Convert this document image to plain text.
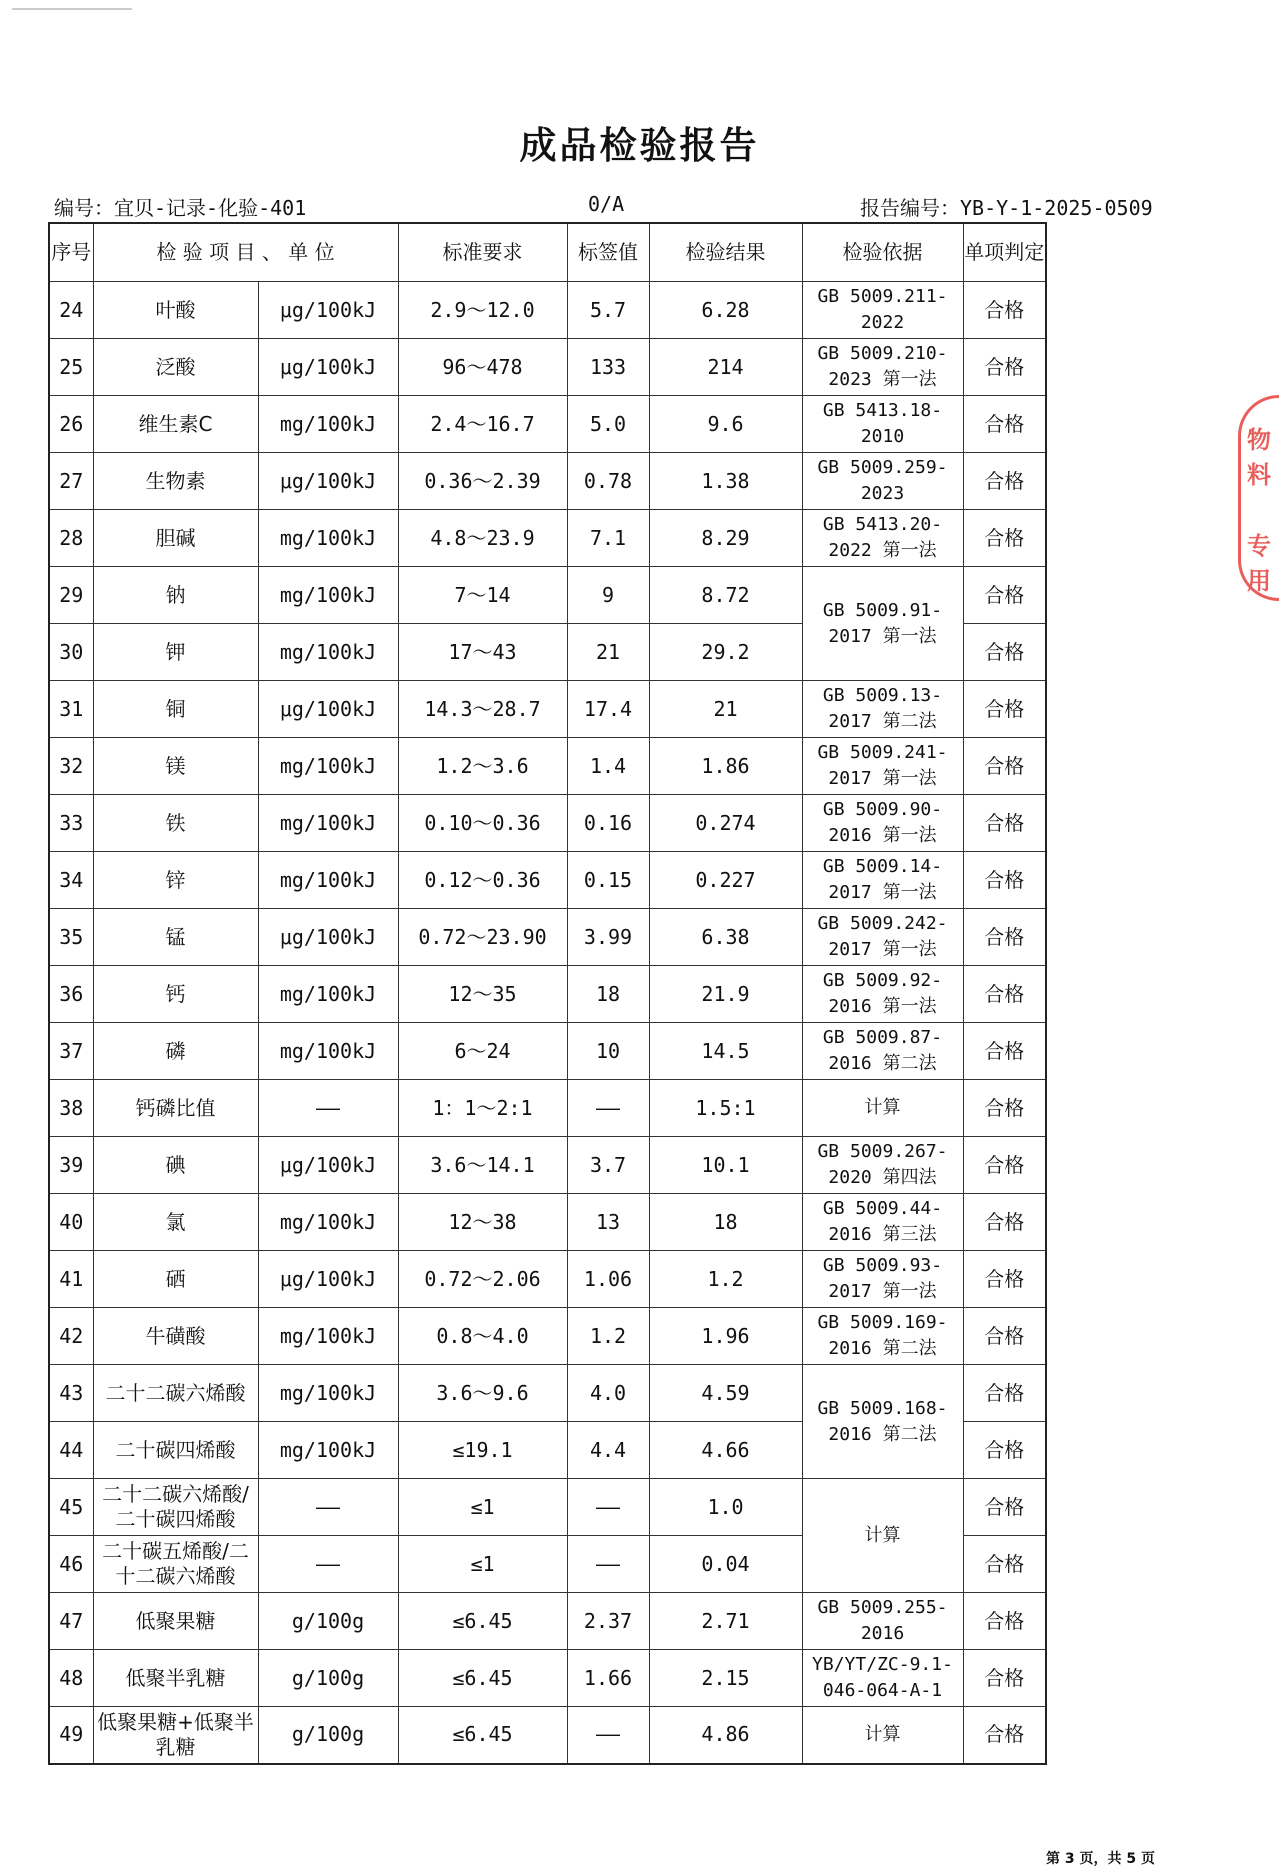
成品检验报告
编号：宜贝-记录-化验-401	0/A	报告编号：YB-Y-1-2025-0509
序号	检 验 项 目 、 单 位		标准要求	标签值	检验结果	检验依据	单项判定
24	叶酸	μg/100kJ	2.9～12.0	5.7	6.28	GB 5009.211-2022	合格
25	泛酸	μg/100kJ	96～478	133	214	GB 5009.210-2023 第一法	合格
26	维生素C	mg/100kJ	2.4～16.7	5.0	9.6	GB 5413.18-2010	合格
27	生物素	μg/100kJ	0.36～2.39	0.78	1.38	GB 5009.259-2023	合格
28	胆碱	mg/100kJ	4.8～23.9	7.1	8.29	GB 5413.20-2022 第一法	合格
29	钠	mg/100kJ	7～14	9	8.72	GB 5009.91-2017 第一法	合格
30	钾	mg/100kJ	17～43	21	29.2		合格
31	铜	μg/100kJ	14.3～28.7	17.4	21	GB 5009.13-2017 第二法	合格
32	镁	mg/100kJ	1.2～3.6	1.4	1.86	GB 5009.241-2017 第一法	合格
33	铁	mg/100kJ	0.10～0.36	0.16	0.274	GB 5009.90-2016 第一法	合格
34	锌	mg/100kJ	0.12～0.36	0.15	0.227	GB 5009.14-2017 第一法	合格
35	锰	μg/100kJ	0.72～23.90	3.99	6.38	GB 5009.242-2017 第一法	合格
36	钙	mg/100kJ	12～35	18	21.9	GB 5009.92-2016 第一法	合格
37	磷	mg/100kJ	6～24	10	14.5	GB 5009.87-2016 第二法	合格
38	钙磷比值	——	1：1～2:1	——	1.5:1	计算	合格
39	碘	μg/100kJ	3.6～14.1	3.7	10.1	GB 5009.267-2020 第四法	合格
40	氯	mg/100kJ	12～38	13	18	GB 5009.44-2016 第三法	合格
41	硒	μg/100kJ	0.72～2.06	1.06	1.2	GB 5009.93-2017 第一法	合格
42	牛磺酸	mg/100kJ	0.8～4.0	1.2	1.96	GB 5009.169-2016 第二法	合格
43	二十二碳六烯酸	mg/100kJ	3.6～9.6	4.0	4.59	GB 5009.168-2016 第二法	合格
44	二十碳四烯酸	mg/100kJ	≤19.1	4.4	4.66		合格
45	二十二碳六烯酸/二十碳四烯酸	——	≤1	——	1.0	计算	合格
46	二十碳五烯酸/二十二碳六烯酸	——	≤1	——	0.04		合格
47	低聚果糖	g/100g	≤6.45	2.37	2.71	GB 5009.255-2016	合格
48	低聚半乳糖	g/100g	≤6.45	1.66	2.15	YB/YT/ZC-9.1-046-064-A-1	合格
49	低聚果糖+低聚半乳糖	g/100g	≤6.45	——	4.86	计算	合格
物料
专用
第 3 页，共 5 页
